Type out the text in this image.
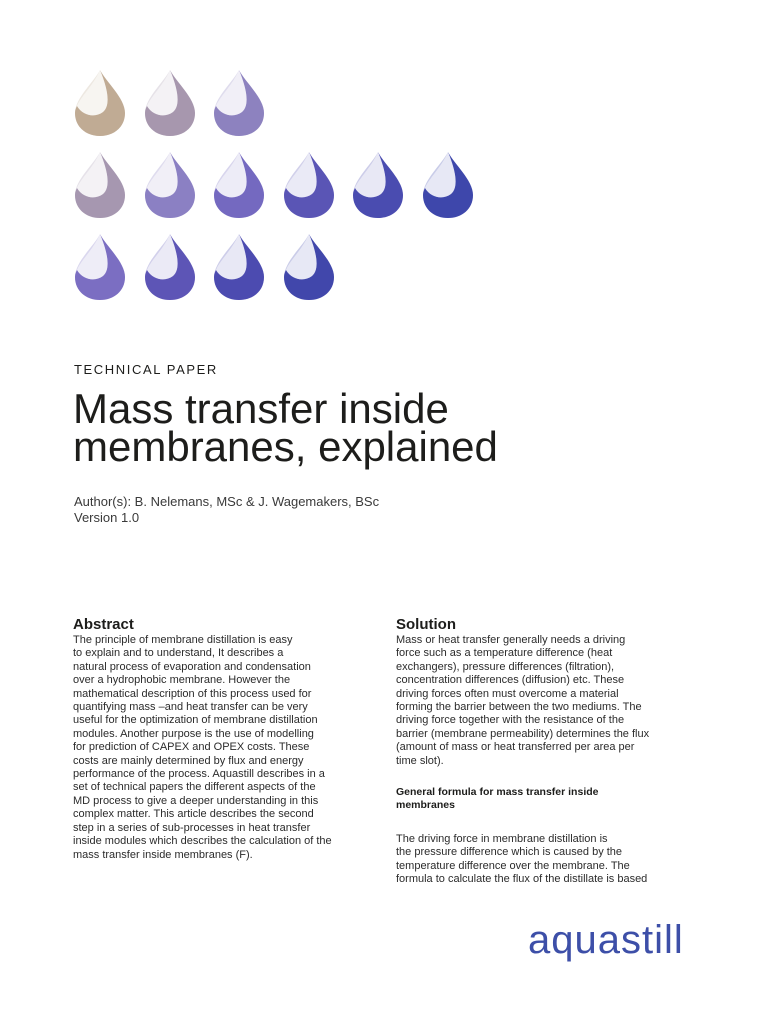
TECHNICAL PAPER
Mass transfer inside
membranes, explained
Author(s): B. Nelemans, MSc & J. Wagemakers, BSc
Version 1.0
Abstract
The principle of membrane distillation is easy
to explain and to understand, It describes a
natural process of evaporation and condensation
over a hydrophobic membrane. However the
mathematical description of this process used for
quantifying mass –and heat transfer can be very
useful for the optimization of membrane distillation
modules. Another purpose is the use of modelling
for prediction of CAPEX and OPEX costs. These
costs are mainly determined by flux and energy
performance of the process. Aquastill describes in a
set of technical papers the different aspects of the
MD process to give a deeper understanding in this
complex matter. This article describes the second
step in a series of sub-processes in heat transfer
inside modules which describes the calculation of the
mass transfer inside membranes (F).
Solution
Mass or heat transfer generally needs a driving
force such as a temperature difference (heat
exchangers), pressure differences (filtration),
concentration differences (diffusion) etc. These
driving forces often must overcome a material
forming the barrier between the two mediums. The
driving force together with the resistance of the
barrier (membrane permeability) determines the flux
(amount of mass or heat transferred per area per
time slot).
General formula for mass transfer inside
membranes
The driving force in membrane distillation is
the pressure difference which is caused by the
temperature difference over the membrane. The
formula to calculate the flux of the distillate is based
aquastill
